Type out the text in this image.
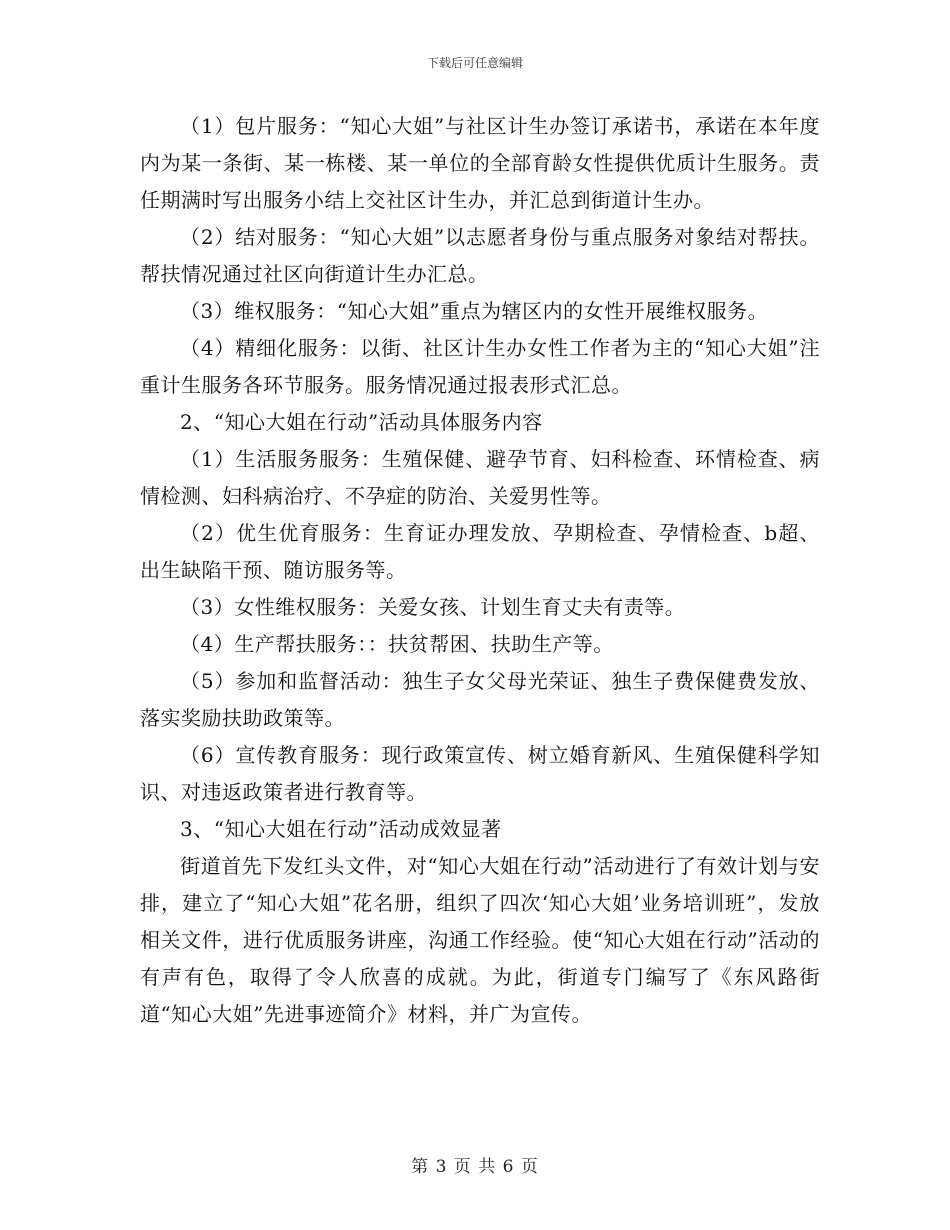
下载后可任意编辑

（1）包片服务：“知心大姐”与社区计生办签订承诺书，承诺在本年度内为某一条街、某一栋楼、某一单位的全部育龄女性提供优质计生服务。责任期满时写出服务小结上交社区计生办，并汇总到街道计生办。

（2）结对服务：“知心大姐”以志愿者身份与重点服务对象结对帮扶。帮扶情况通过社区向街道计生办汇总。

（3）维权服务：“知心大姐”重点为辖区内的女性开展维权服务。

（4）精细化服务：以街、社区计生办女性工作者为主的“知心大姐”注重计生服务各环节服务。服务情况通过报表形式汇总。

2、“知心大姐在行动”活动具体服务内容

（1）生活服务服务：生殖保健、避孕节育、妇科检查、环情检查、病情检测、妇科病治疗、不孕症的防治、关爱男性等。

（2）优生优育服务：生育证办理发放、孕期检查、孕情检查、b超、出生缺陷干预、随访服务等。

（3）女性维权服务：关爱女孩、计划生育丈夫有责等。

（4）生产帮扶服务：：扶贫帮困、扶助生产等。

（5）参加和监督活动：独生子女父母光荣证、独生子费保健费发放、落实奖励扶助政策等。

（6）宣传教育服务：现行政策宣传、树立婚育新风、生殖保健科学知识、对违返政策者进行教育等。

3、“知心大姐在行动”活动成效显著

街道首先下发红头文件，对“知心大姐在行动”活动进行了有效计划与安排，建立了“知心大姐”花名册，组织了四次‘知心大姐’业务培训班”，发放相关文件，进行优质服务讲座，沟通工作经验。使“知心大姐在行动”活动的有声有色，取得了令人欣喜的成就。为此，街道专门编写了《东风路街道“知心大姐”先进事迹简介》材料，并广为宣传。

第 3 页 共 6 页
